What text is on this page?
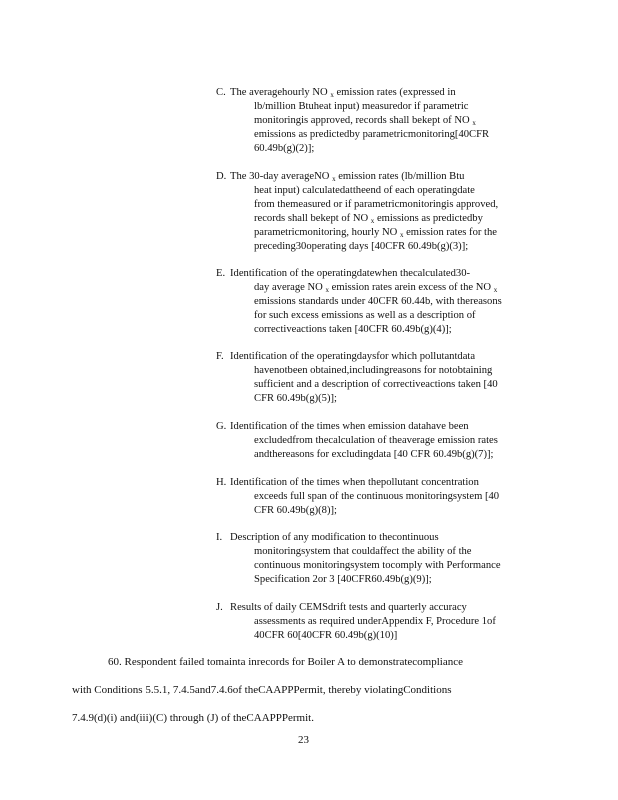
C. The averagehourly NO $_x$ emission rates (expressed in
lb/million Btuheat input) measuredor if parametric
monitoringis approved, records shall bekept of NO $_x$
emissions as predictedby parametricmonitoring[40CFR
60.49b(g)(2)];
D. The 30-day averageNO $_x$ emission rates (lb/million Btu
heat input) calculatedattheend of each operatingdate
from themeasured or if parametricmonitoringis approved,
records shall bekept of NO $_x$ emissions as predictedby
parametricmonitoring, hourly NO $_x$ emission rates for the
preceding30operating days [40CFR 60.49b(g)(3)];
E. Identification of the operatingdatewhen thecalculated30-
day average NO $_x$ emission rates arein excess of the NO $_x$
emissions standards under 40CFR 60.44b, with thereasons
for such excess emissions as well as a description of
correctiveactions taken [40CFR 60.49b(g)(4)];
F. Identification of the operatingdaysfor which pollutantdata
havenotbeen obtained,includingreasons for notobtaining
sufficient and a description of correctiveactions taken [40
CFR 60.49b(g)(5)];
G. Identification of the times when emission datahave been
excludedfrom thecalculation of theaverage emission rates
andthereasons for excludingdata [40 CFR 60.49b(g)(7)];
H. Identification of the times when thepollutant concentration
exceeds full span of the continuous monitoringsystem [40
CFR 60.49b(g)(8)];
I. Description of any modification to thecontinuous
monitoringsystem that couldaffect the ability of the
continuous monitoringsystem tocomply with Performance
Specification 2or 3 [40CFR60.49b(g)(9)];
J. Results of daily CEMSdrift tests and quarterly accuracy
assessments as required underAppendix F, Procedure 1of
40CFR 60[40CFR 60.49b(g)(10)]
60. Respondent failed tomainta inrecords for Boiler A to demonstratecompliance
with Conditions 5.5.1, 7.4.5and7.4.6of theCAAPPPermit, thereby violatingConditions
7.4.9(d)(i) and(iii)(C) through (J) of theCAAPPPermit.
23
